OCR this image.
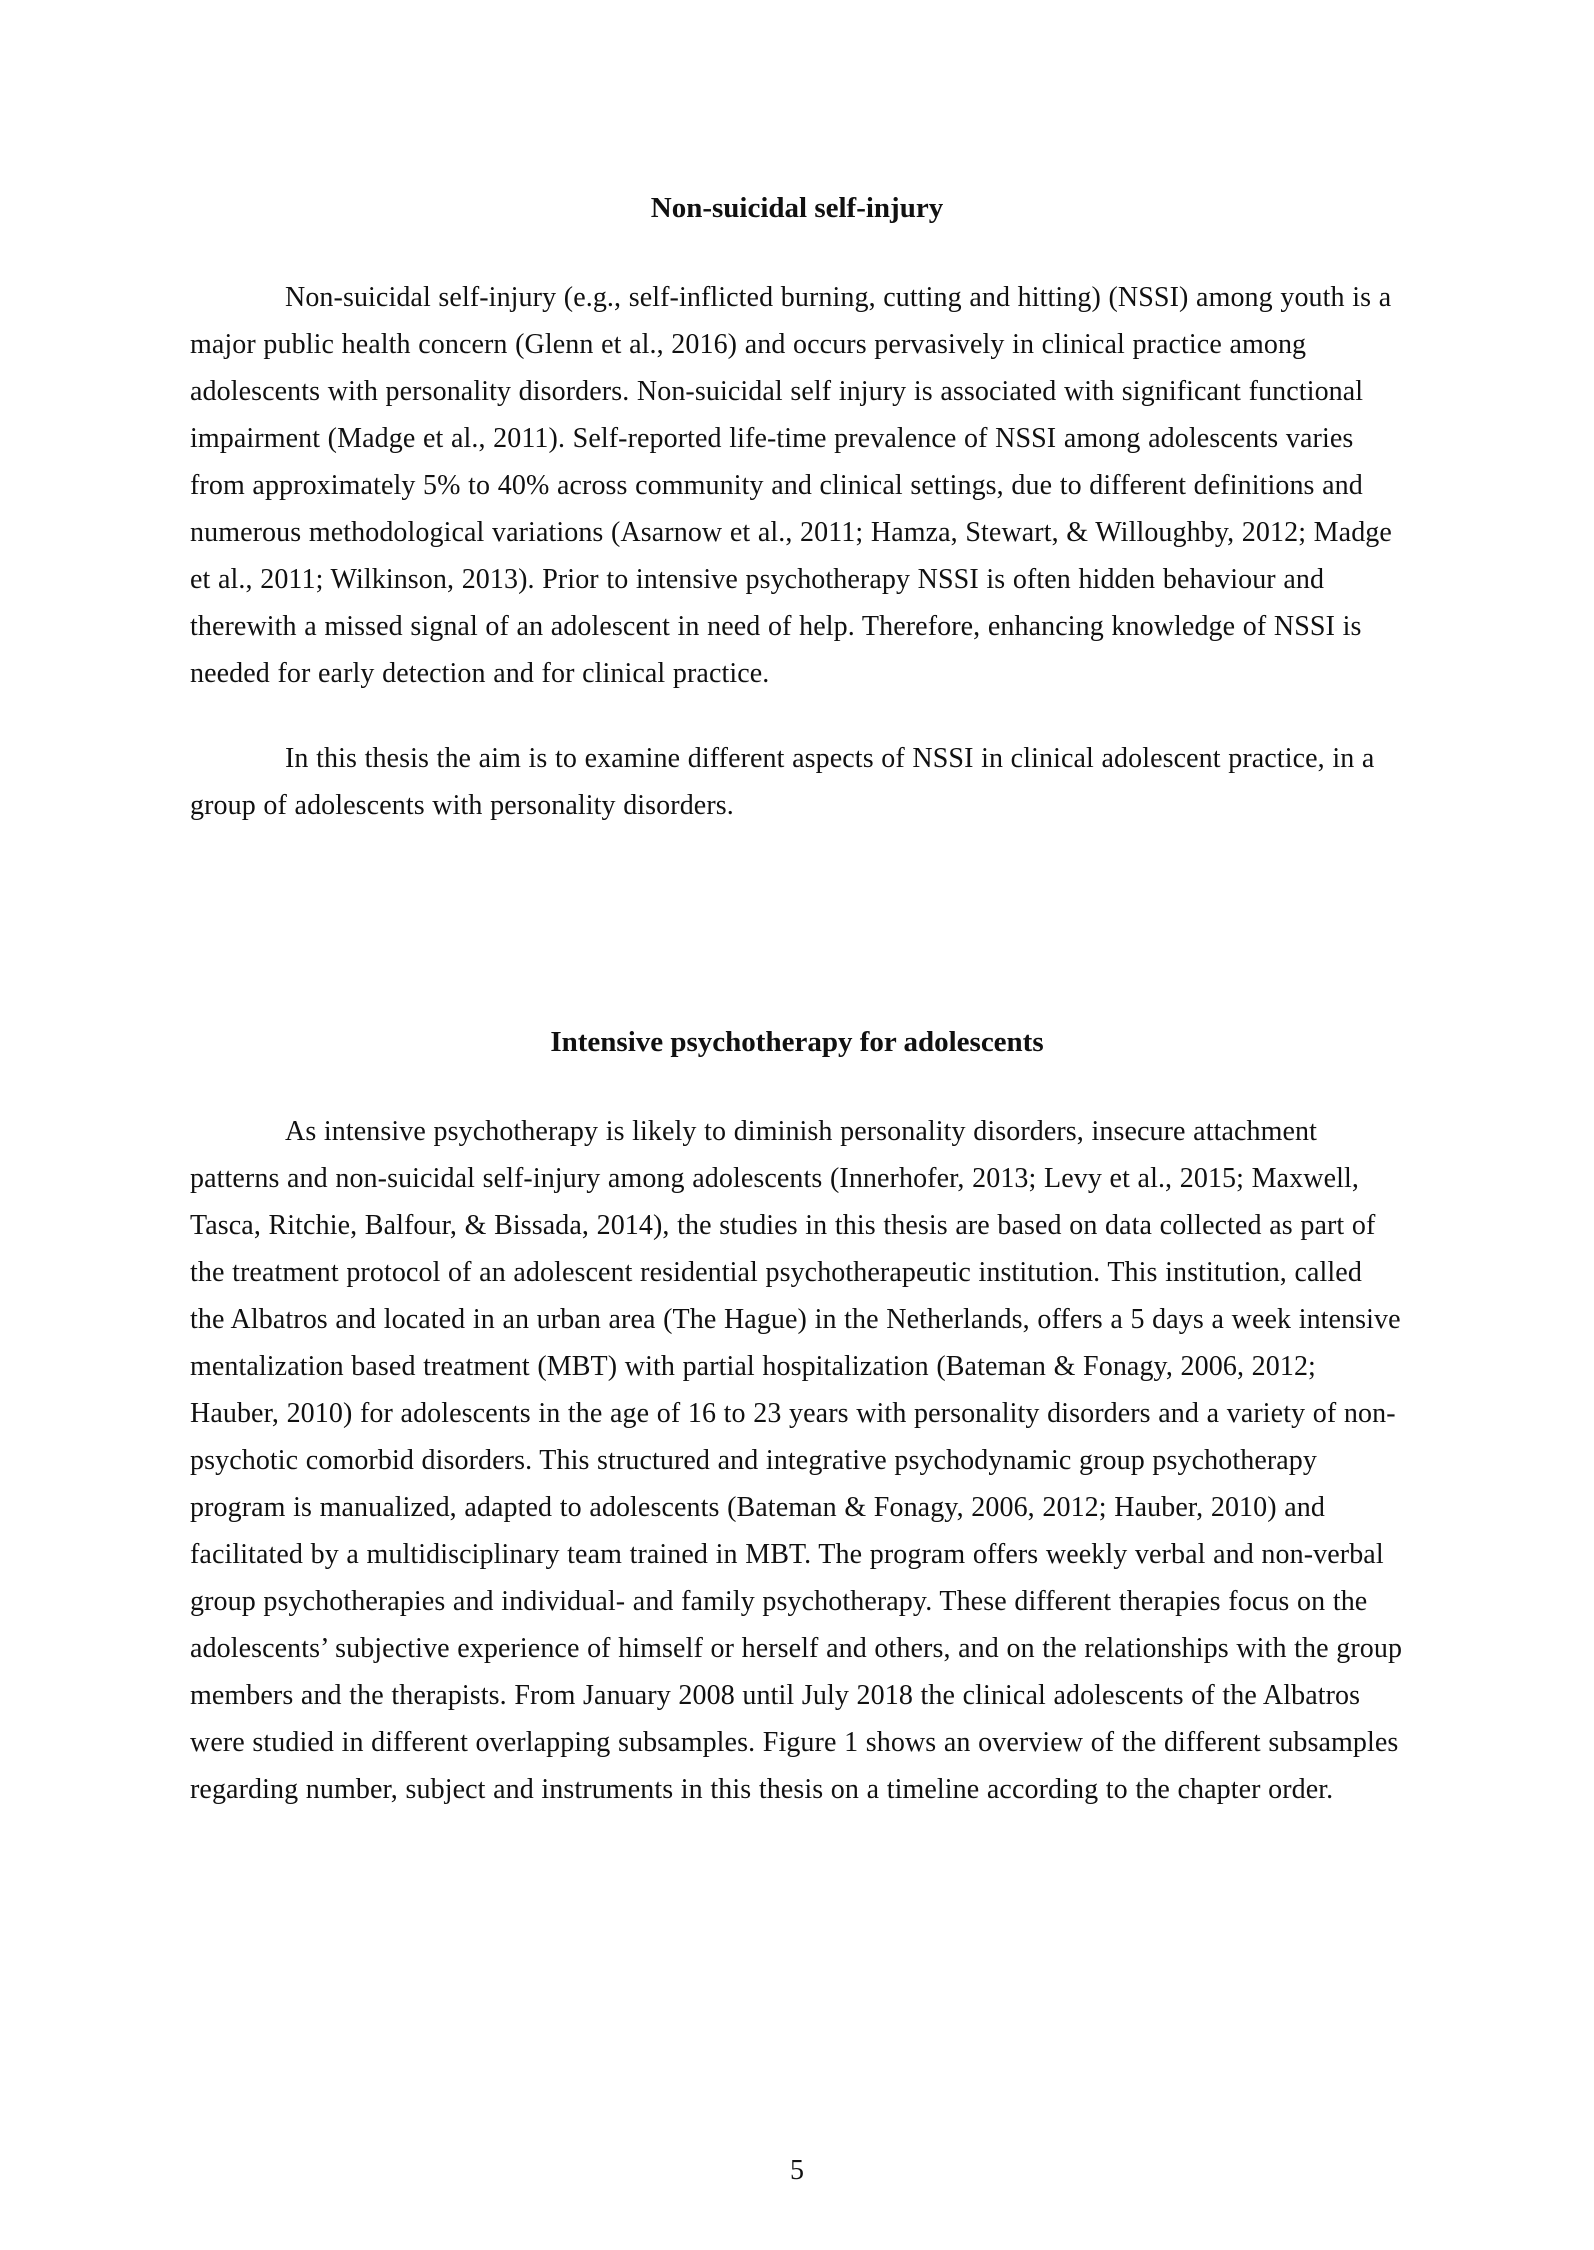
Non-suicidal self-injury

Non-suicidal self-injury (e.g., self-inflicted burning, cutting and hitting) (NSSI) among youth is a major public health concern (Glenn et al., 2016) and occurs pervasively in clinical practice among adolescents with personality disorders. Non-suicidal self injury is associated with significant functional impairment (Madge et al., 2011). Self-reported life-time prevalence of NSSI among adolescents varies from approximately 5% to 40% across community and clinical settings, due to different definitions and numerous methodological variations (Asarnow et al., 2011; Hamza, Stewart, & Willoughby, 2012; Madge et al., 2011; Wilkinson, 2013). Prior to intensive psychotherapy NSSI is often hidden behaviour and therewith a missed signal of an adolescent in need of help. Therefore, enhancing knowledge of NSSI is needed for early detection and for clinical practice.

In this thesis the aim is to examine different aspects of NSSI in clinical adolescent practice, in a group of adolescents with personality disorders.

Intensive psychotherapy for adolescents

As intensive psychotherapy is likely to diminish personality disorders, insecure attachment patterns and non-suicidal self-injury among adolescents (Innerhofer, 2013; Levy et al., 2015; Maxwell, Tasca, Ritchie, Balfour, & Bissada, 2014), the studies in this thesis are based on data collected as part of the treatment protocol of an adolescent residential psychotherapeutic institution. This institution, called the Albatros and located in an urban area (The Hague) in the Netherlands, offers a 5 days a week intensive mentalization based treatment (MBT) with partial hospitalization (Bateman & Fonagy, 2006, 2012; Hauber, 2010) for adolescents in the age of 16 to 23 years with personality disorders and a variety of non-psychotic comorbid disorders. This structured and integrative psychodynamic group psychotherapy program is manualized, adapted to adolescents (Bateman & Fonagy, 2006, 2012; Hauber, 2010) and facilitated by a multidisciplinary team trained in MBT. The program offers weekly verbal and non-verbal group psychotherapies and individual- and family psychotherapy. These different therapies focus on the adolescents’ subjective experience of himself or herself and others, and on the relationships with the group members and the therapists. From January 2008 until July 2018 the clinical adolescents of the Albatros were studied in different overlapping subsamples. Figure 1 shows an overview of the different subsamples regarding number, subject and instruments in this thesis on a timeline according to the chapter order.

5
